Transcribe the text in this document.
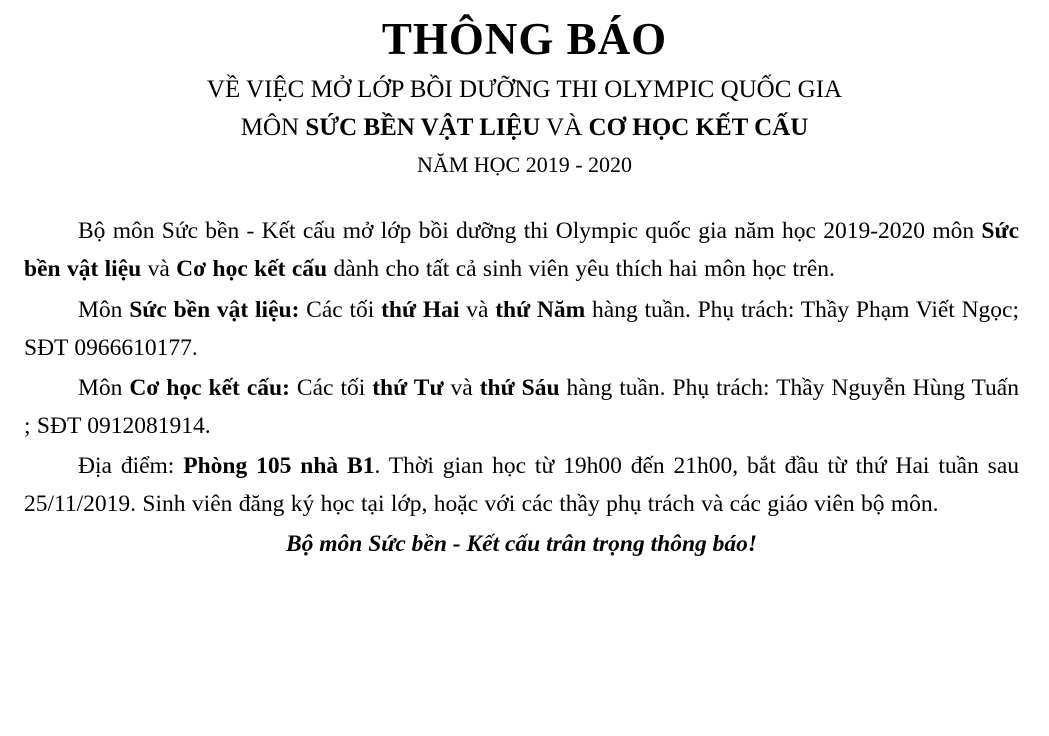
THÔNG BÁO
VỀ VIỆC MỞ LỚP BỒI DƯỠNG THI OLYMPIC QUỐC GIA
MÔN SỨC BỀN VẬT LIỆU VÀ CƠ HỌC KẾT CẤU
NĂM HỌC 2019 - 2020

Bộ môn Sức bền - Kết cấu mở lớp bồi dưỡng thi Olympic quốc gia năm học 2019-2020 môn Sức bền vật liệu và Cơ học kết cấu dành cho tất cả sinh viên yêu thích hai môn học trên.

Môn Sức bền vật liệu: Các tối thứ Hai và thứ Năm hàng tuần. Phụ trách: Thầy Phạm Viết Ngọc; SĐT 0966610177.

Môn Cơ học kết cấu: Các tối thứ Tư và thứ Sáu hàng tuần. Phụ trách: Thầy Nguyễn Hùng Tuấn ; SĐT 0912081914.

Địa điểm: Phòng 105 nhà B1. Thời gian học từ 19h00 đến 21h00, bắt đầu từ thứ Hai tuần sau 25/11/2019. Sinh viên đăng ký học tại lớp, hoặc với các thầy phụ trách và các giáo viên bộ môn.

Bộ môn Sức bền - Kết cấu trân trọng thông báo!
